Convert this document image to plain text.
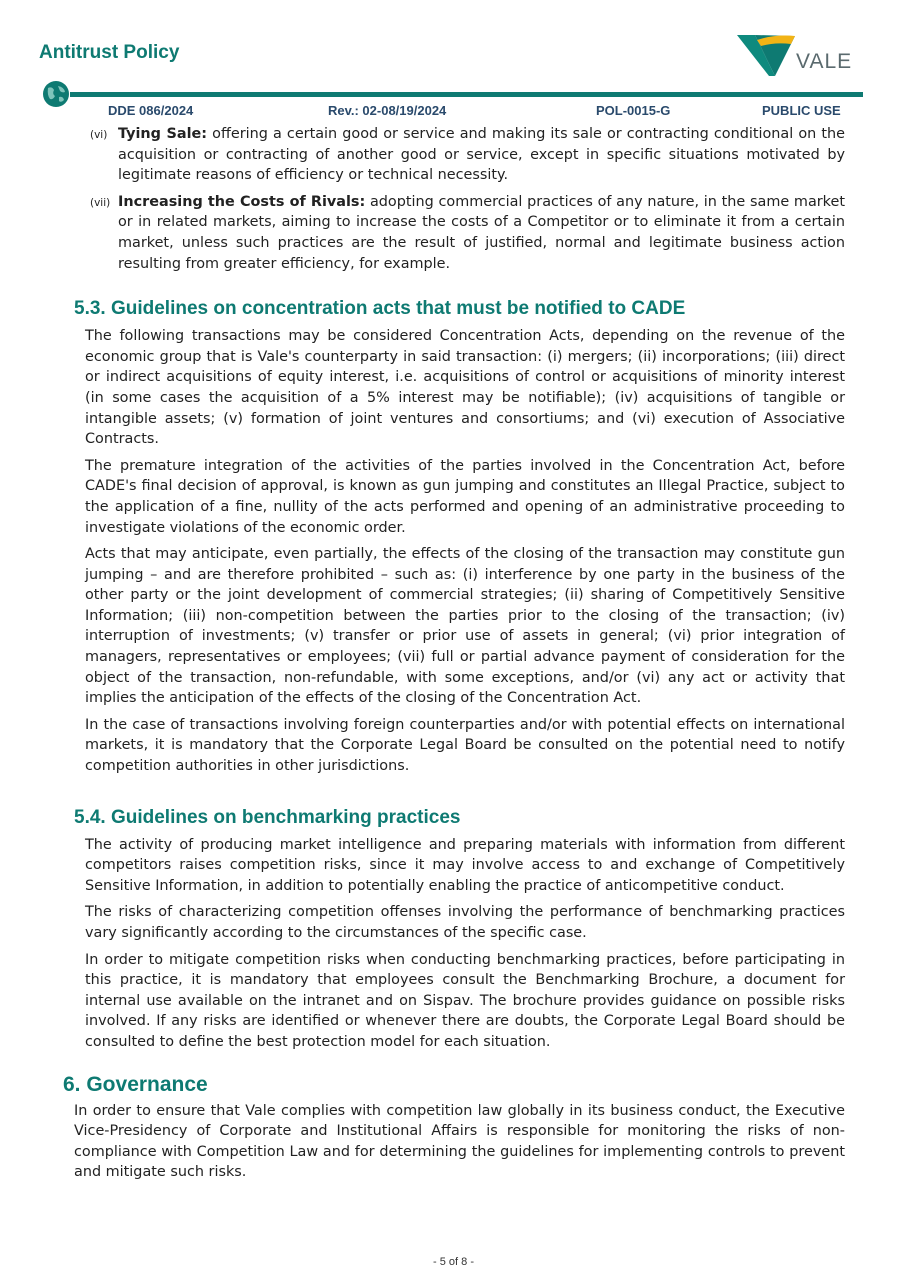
Antitrust Policy	VALE
DDE 086/2024	Rev.: 02-08/19/2024	POL-0015-G	PUBLIC USE
(vi) Tying Sale: offering a certain good or service and making its sale or contracting conditional on the acquisition or contracting of another good or service, except in specific situations motivated by legitimate reasons of efficiency or technical necessity.
(vii) Increasing the Costs of Rivals: adopting commercial practices of any nature, in the same market or in related markets, aiming to increase the costs of a Competitor or to eliminate it from a certain market, unless such practices are the result of justified, normal and legitimate business action resulting from greater efficiency, for example.
5.3. Guidelines on concentration acts that must be notified to CADE

The following transactions may be considered Concentration Acts, depending on the revenue of the economic group that is Vale's counterparty in said transaction: (i) mergers; (ii) incorporations; (iii) direct or indirect acquisitions of equity interest, i.e. acquisitions of control or acquisitions of minority interest (in some cases the acquisition of a 5% interest may be notifiable); (iv) acquisitions of tangible or intangible assets; (v) formation of joint ventures and consortiums; and (vi) execution of Associative Contracts.

The premature integration of the activities of the parties involved in the Concentration Act, before CADE's final decision of approval, is known as gun jumping and constitutes an Illegal Practice, subject to the application of a fine, nullity of the acts performed and opening of an administrative proceeding to investigate violations of the economic order.

Acts that may anticipate, even partially, the effects of the closing of the transaction may constitute gun jumping – and are therefore prohibited – such as: (i) interference by one party in the business of the other party or the joint development of commercial strategies; (ii) sharing of Competitively Sensitive Information; (iii) non-competition between the parties prior to the closing of the transaction; (iv) interruption of investments; (v) transfer or prior use of assets in general; (vi) prior integration of managers, representatives or employees; (vii) full or partial advance payment of consideration for the object of the transaction, non-refundable, with some exceptions, and/or (vi) any act or activity that implies the anticipation of the effects of the closing of the Concentration Act.

In the case of transactions involving foreign counterparties and/or with potential effects on international markets, it is mandatory that the Corporate Legal Board be consulted on the potential need to notify competition authorities in other jurisdictions.

5.4. Guidelines on benchmarking practices

The activity of producing market intelligence and preparing materials with information from different competitors raises competition risks, since it may involve access to and exchange of Competitively Sensitive Information, in addition to potentially enabling the practice of anticompetitive conduct.

The risks of characterizing competition offenses involving the performance of benchmarking practices vary significantly according to the circumstances of the specific case.

In order to mitigate competition risks when conducting benchmarking practices, before participating in this practice, it is mandatory that employees consult the Benchmarking Brochure, a document for internal use available on the intranet and on Sispav. The brochure provides guidance on possible risks involved. If any risks are identified or whenever there are doubts, the Corporate Legal Board should be consulted to define the best protection model for each situation.

6. Governance

In order to ensure that Vale complies with competition law globally in its business conduct, the Executive Vice-Presidency of Corporate and Institutional Affairs is responsible for monitoring the risks of non-compliance with Competition Law and for determining the guidelines for implementing controls to prevent and mitigate such risks.

- 5 of 8 -
